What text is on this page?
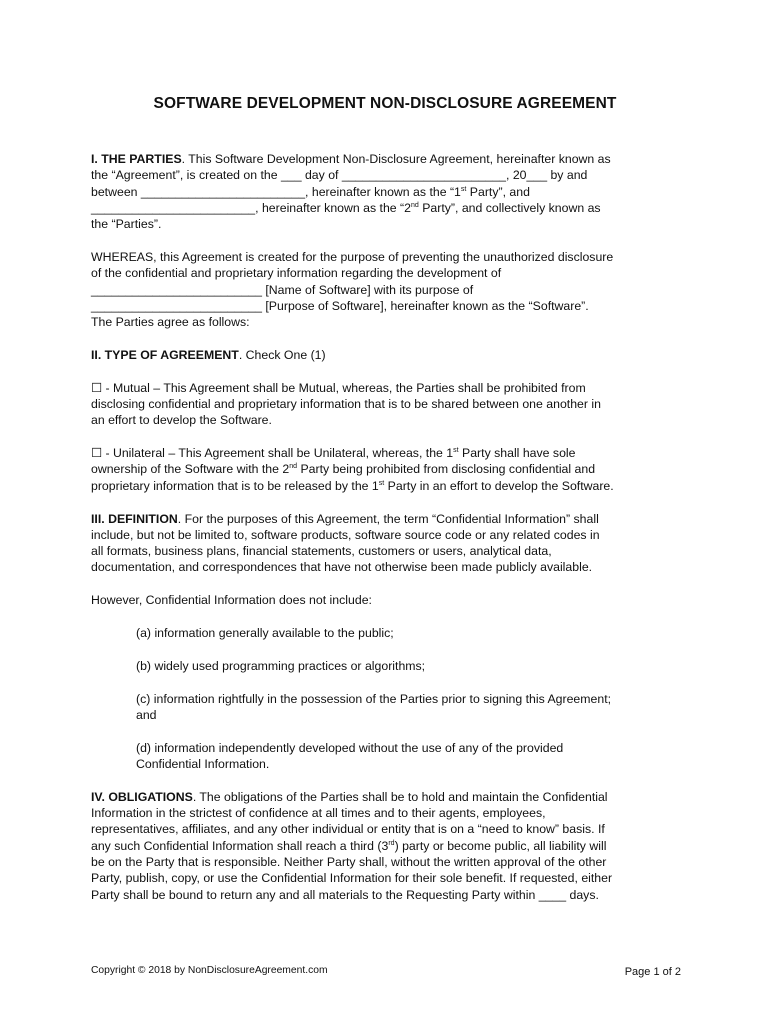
SOFTWARE DEVELOPMENT NON-DISCLOSURE AGREEMENT
I. THE PARTIES. This Software Development Non-Disclosure Agreement, hereinafter known as
the “Agreement”, is created on the ___ day of ________________________, 20___ by and
between ________________________, hereinafter known as the “1st Party”, and
________________________, hereinafter known as the “2nd Party”, and collectively known as
the “Parties”.
WHEREAS, this Agreement is created for the purpose of preventing the unauthorized disclosure
of the confidential and proprietary information regarding the development of
_________________________ [Name of Software] with its purpose of
_________________________ [Purpose of Software], hereinafter known as the “Software”.
The Parties agree as follows:
II. TYPE OF AGREEMENT. Check One (1)
☐ - Mutual – This Agreement shall be Mutual, whereas, the Parties shall be prohibited from
disclosing confidential and proprietary information that is to be shared between one another in
an effort to develop the Software.
☐ - Unilateral – This Agreement shall be Unilateral, whereas, the 1st Party shall have sole
ownership of the Software with the 2nd Party being prohibited from disclosing confidential and
proprietary information that is to be released by the 1st Party in an effort to develop the Software.
III. DEFINITION. For the purposes of this Agreement, the term “Confidential Information” shall
include, but not be limited to, software products, software source code or any related codes in
all formats, business plans, financial statements, customers or users, analytical data,
documentation, and correspondences that have not otherwise been made publicly available.
However, Confidential Information does not include:
(a) information generally available to the public;
(b) widely used programming practices or algorithms;
(c) information rightfully in the possession of the Parties prior to signing this Agreement;
and
(d) information independently developed without the use of any of the provided
Confidential Information.
IV. OBLIGATIONS. The obligations of the Parties shall be to hold and maintain the Confidential
Information in the strictest of confidence at all times and to their agents, employees,
representatives, affiliates, and any other individual or entity that is on a “need to know” basis. If
any such Confidential Information shall reach a third (3rd) party or become public, all liability will
be on the Party that is responsible. Neither Party shall, without the written approval of the other
Party, publish, copy, or use the Confidential Information for their sole benefit. If requested, either
Party shall be bound to return any and all materials to the Requesting Party within ____ days.
Copyright © 2018 by NonDisclosureAgreement.com	Page 1 of 2
